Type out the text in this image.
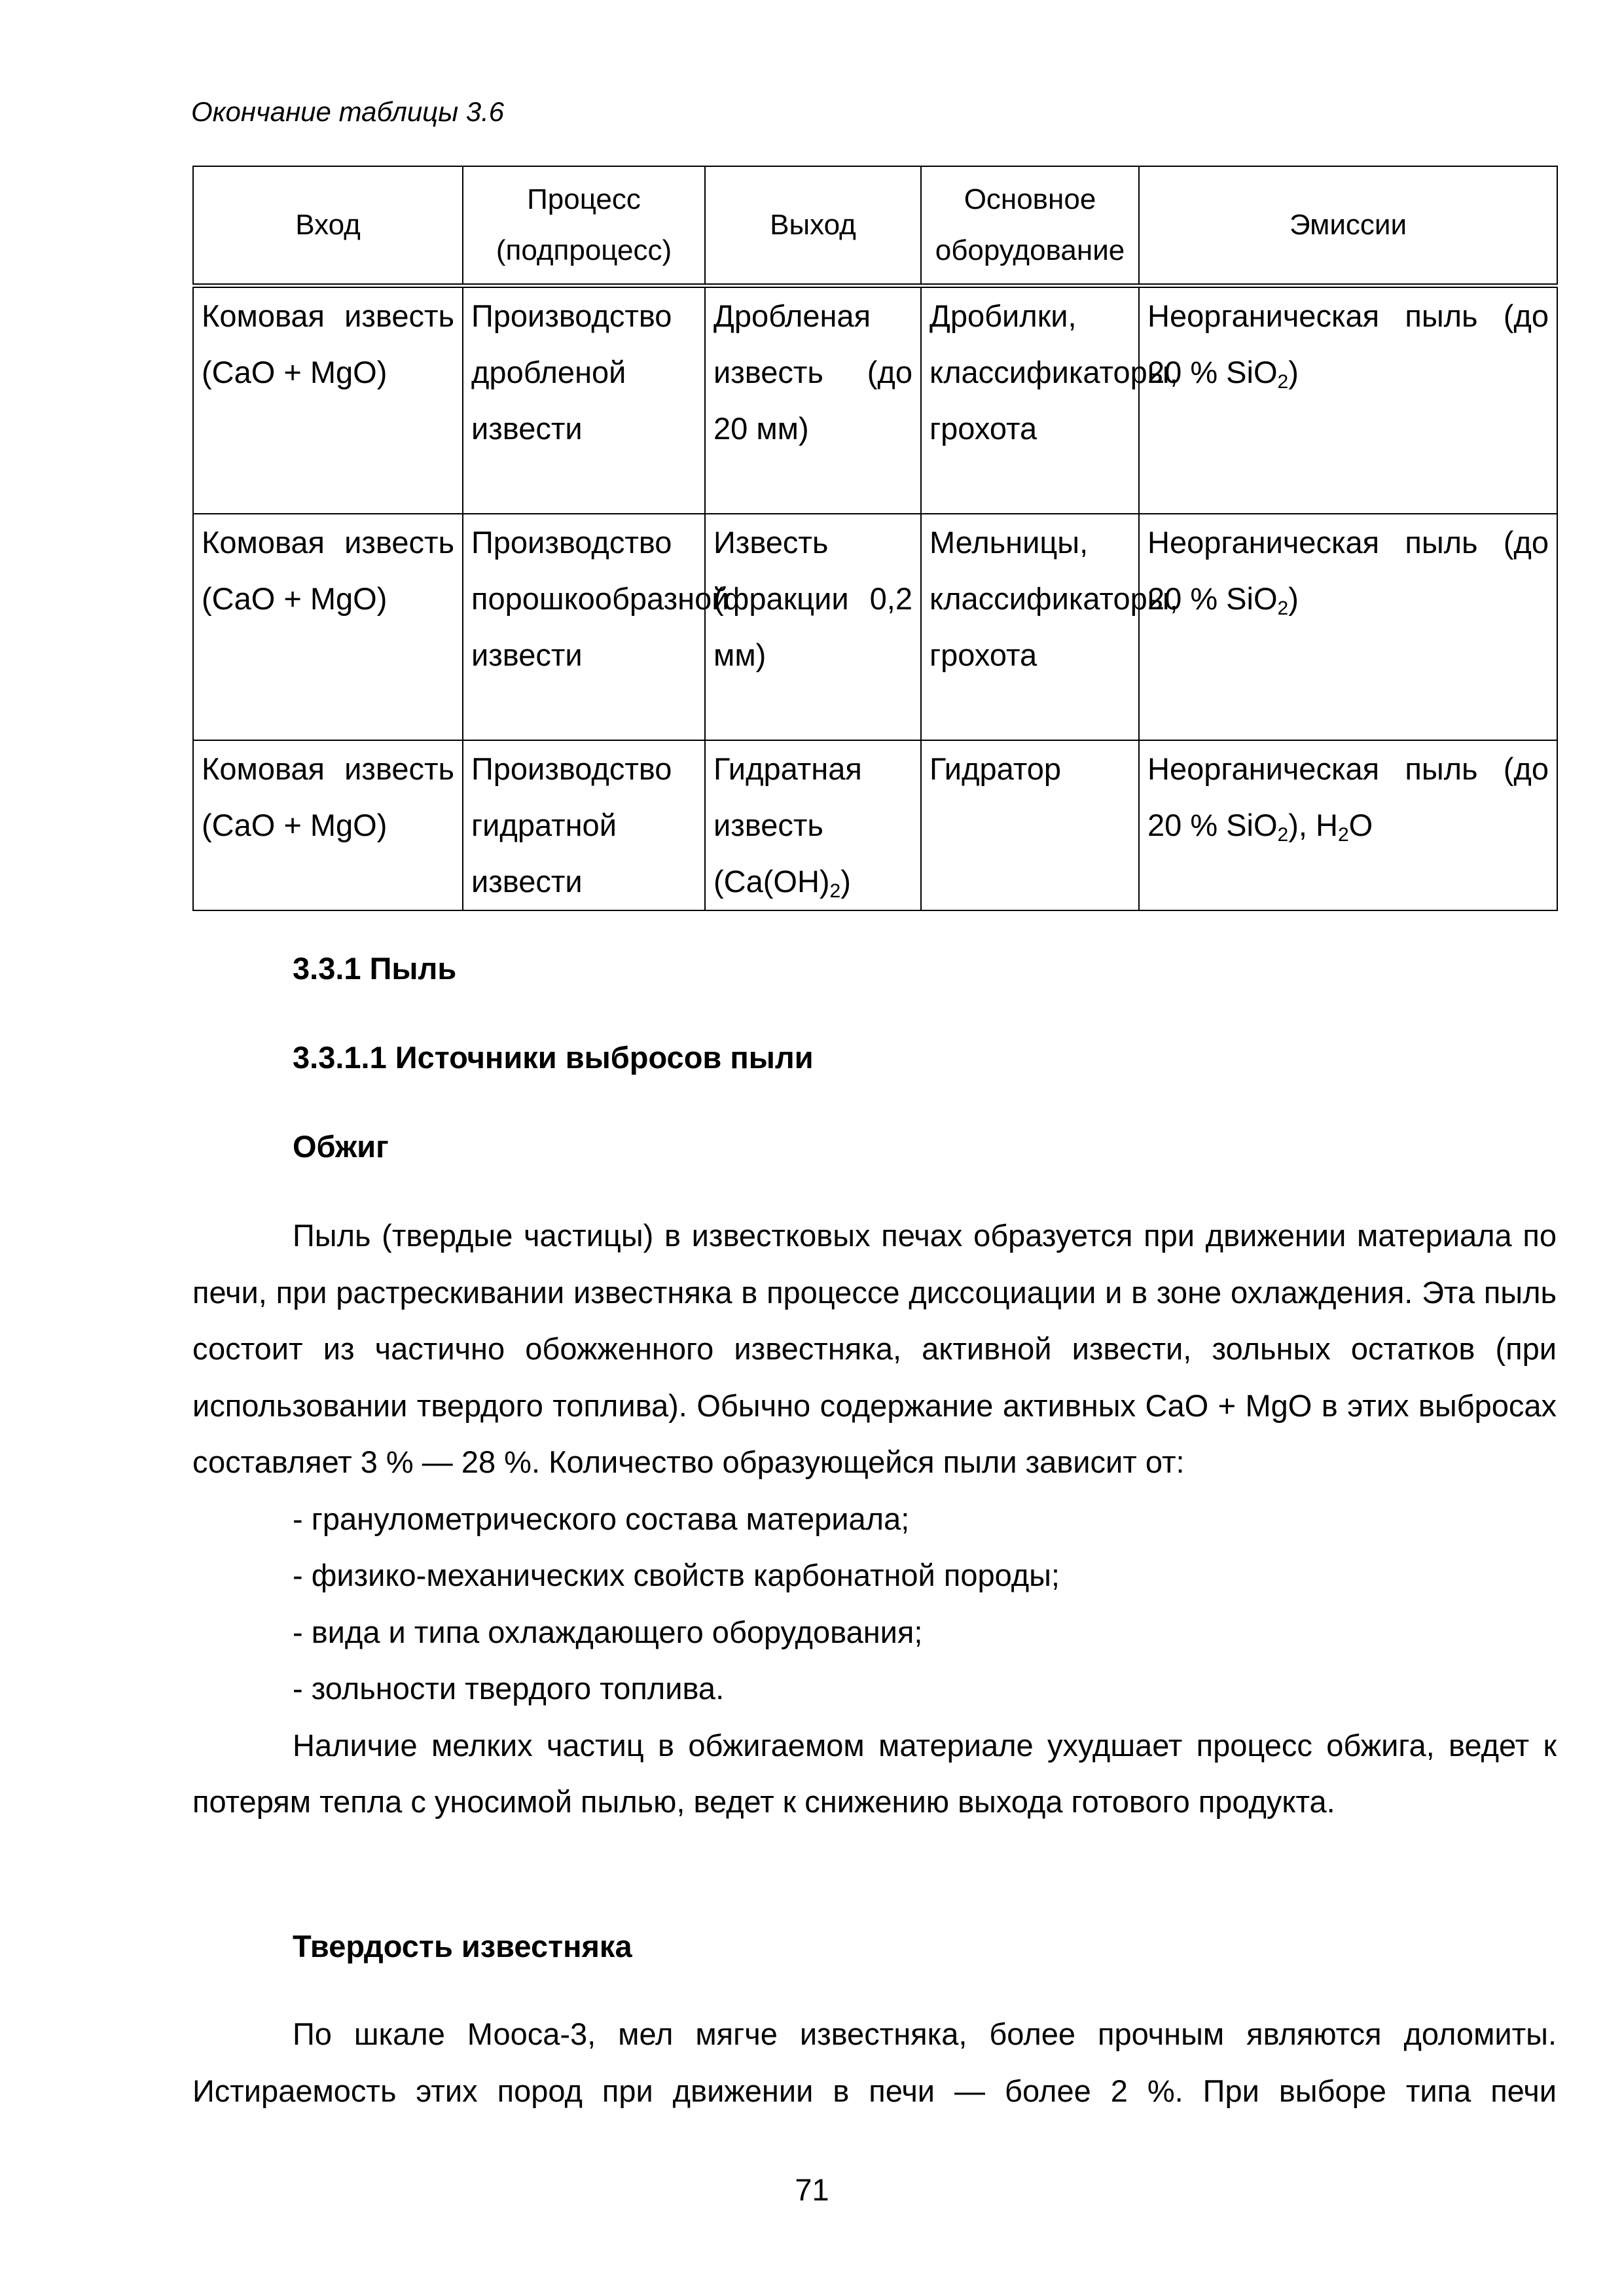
Окончание таблицы 3.6
Вход	Процесс (подпроцесс)	Выход	Основное оборудование	Эмиссии
Комовая известь (CaO + MgO)	Производство дробленой извести	Дробленая известь (до 20 мм)	Дробилки, классификаторы, грохота	Неорганическая пыль (до 20 % SiO$_2$)
Комовая известь (CaO + MgO)	Производство порошкообразной извести	Известь (фракции 0,2 мм)	Мельницы, классификаторы, грохота	Неорганическая пыль (до 20 % SiO$_2$)
Комовая известь (CaO + MgO)	Производство гидратной извести	Гидратная известь $(Ca(OH)_2)$	Гидратор	Неорганическая пыль (до 20 % SiO$_2$), $H_2O$
3.3.1 Пыль
3.3.1.1 Источники выбросов пыли
Обжиг

Пыль (твердые частицы) в известковых печах образуется при движении материала по печи, при растрескивании известняка в процессе диссоциации и в зоне охлаждения. Эта пыль состоит из частично обожженного известняка, активной извести, зольных остатков (при использовании твердого топлива). Обычно содержание активных CaO + MgO в этих выбросах составляет 3 % — 28 %. Количество образующейся пыли зависит от:

- гранулометрического состава материала;

- физико-механических свойств карбонатной породы;

- вида и типа охлаждающего оборудования;

- зольности твердого топлива.

Наличие мелких частиц в обжигаемом материале ухудшает процесс обжига, ведет к потерям тепла с уносимой пылью, ведет к снижению выхода готового продукта.

Твердость известняка

По шкале Мооса-3, мел мягче известняка, более прочным являются доломиты. Истираемость этих пород при движении в печи — более 2 %. При выборе типа печи

71
